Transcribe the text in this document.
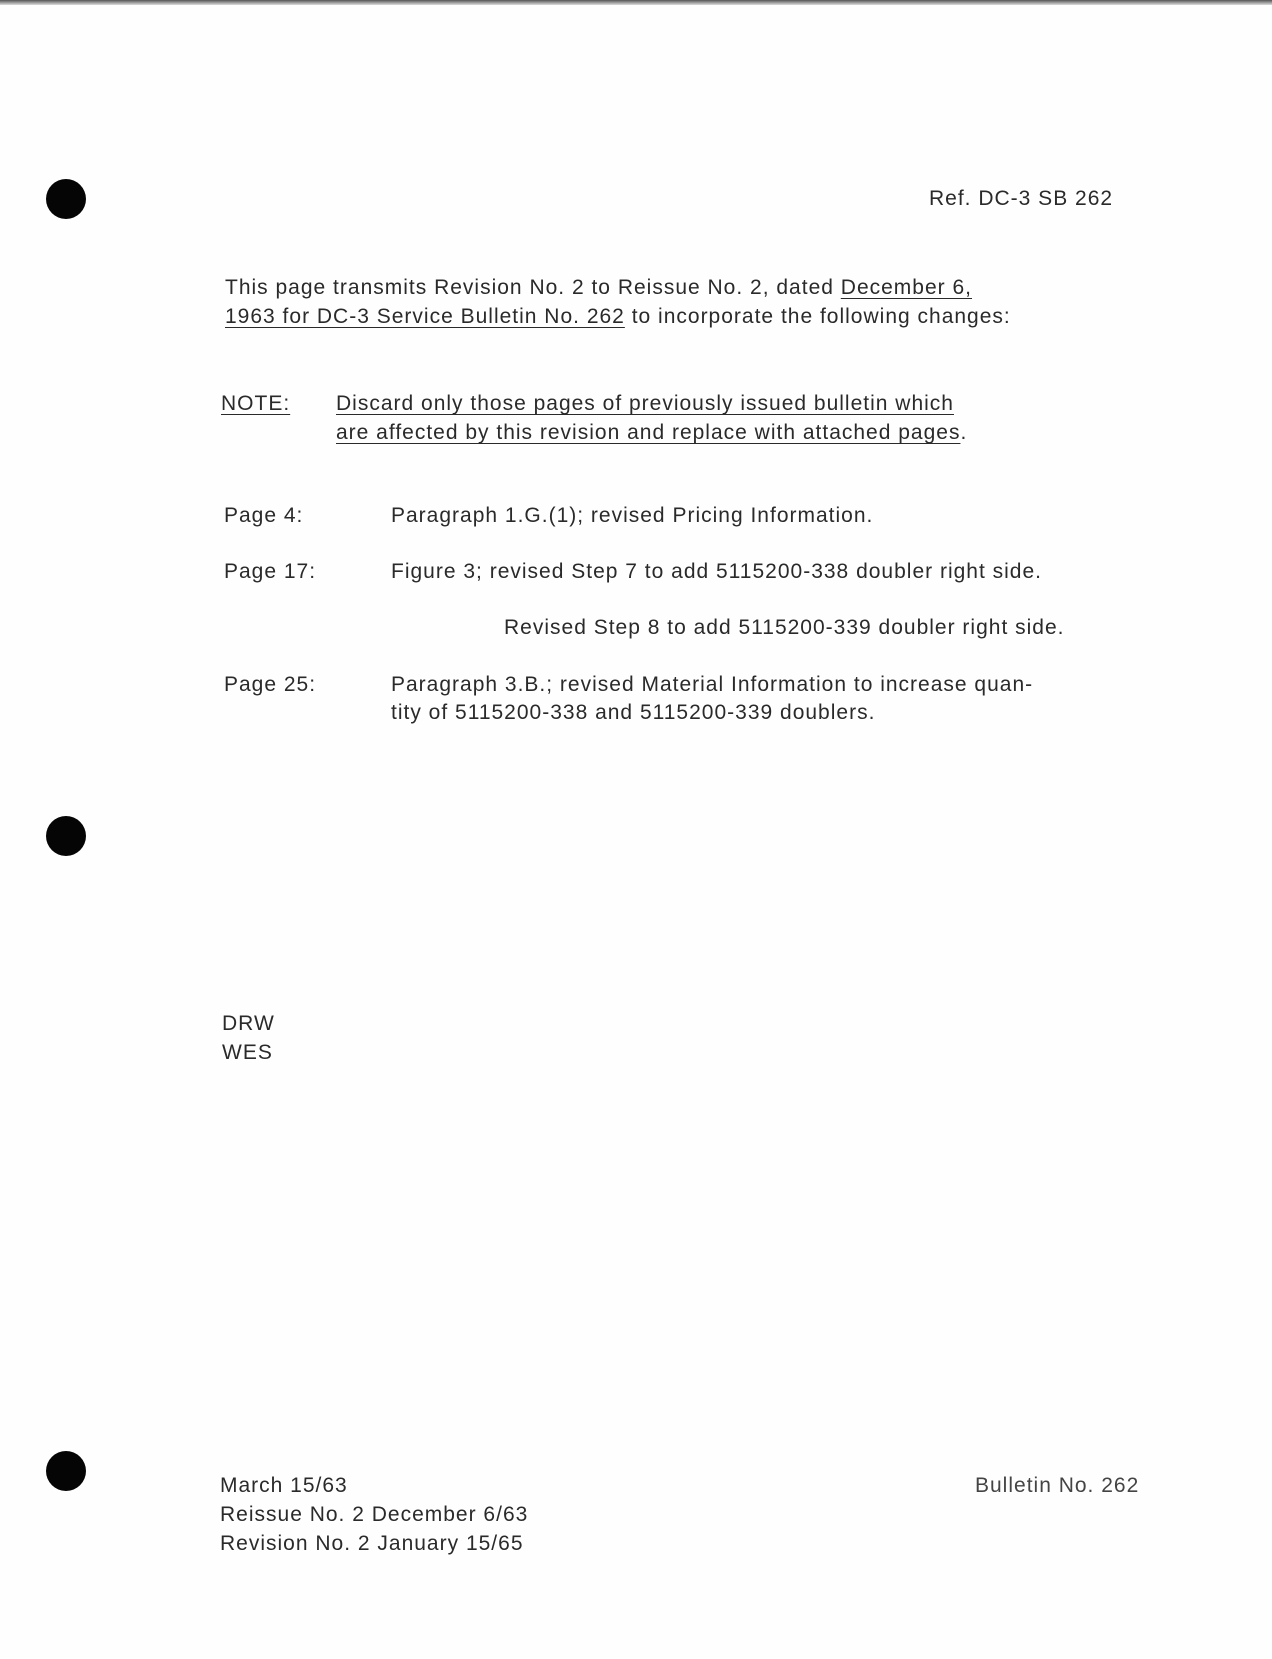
Ref. DC-3 SB 262
This page transmits Revision No. 2 to Reissue No. 2, dated December 6,
1963 for DC-3 Service Bulletin No. 262 to incorporate the following changes:
NOTE: Discard only those pages of previously issued bulletin which
are affected by this revision and replace with attached pages.
Page 4:	Paragraph 1.G.(1); revised Pricing Information.
Page 17:	Figure 3; revised Step 7 to add 5115200-338 doubler right side.
Revised Step 8 to add 5115200-339 doubler right side.
Page 25:	Paragraph 3.B.; revised Material Information to increase quan-
tity of 5115200-338 and 5115200-339 doublers.
DRW
WES
March 15/63
Reissue No. 2 December 6/63
Revision No. 2 January 15/65
Bulletin No. 262
